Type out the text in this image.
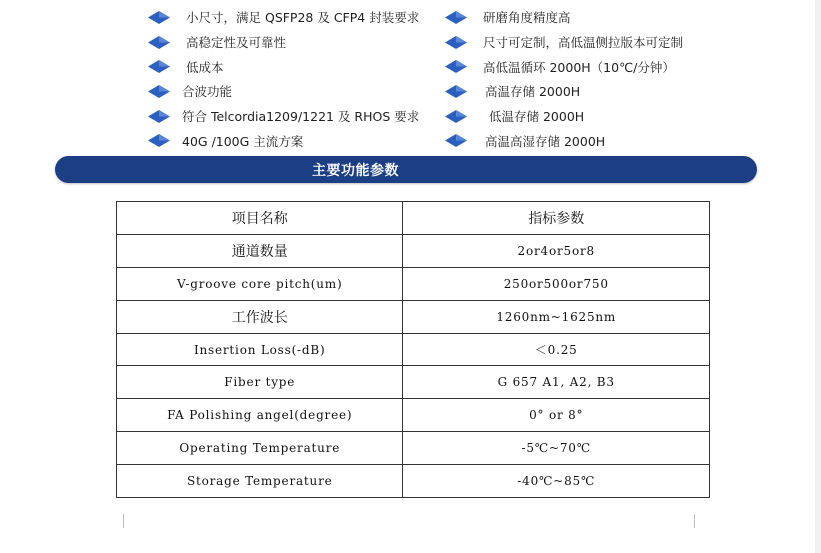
小尺寸，满足 QSFP28 及 CFP4 封装要求
高稳定性及可靠性
低成本
合波功能
符合 Telcordia1209/1221 及 RHOS 要求
40G /100G 主流方案
研磨角度精度高
尺寸可定制，高低温侧拉版本可定制
高低温循环 2000H（10℃/分钟）
高温存储 2000H
低温存储 2000H
高温高湿存储 2000H
主要功能参数
项目名称	指标参数
通道数量	2or4or5or8
V-groove core pitch(um)	250or500or750
工作波长	1260nm~1625nm
Insertion Loss(-dB)	＜0.25
Fiber type	G 657 A1, A2, B3
FA Polishing angel(degree)	0° or 8°
Operating Temperature	-5℃~70℃
Storage Temperature	-40℃~85℃
